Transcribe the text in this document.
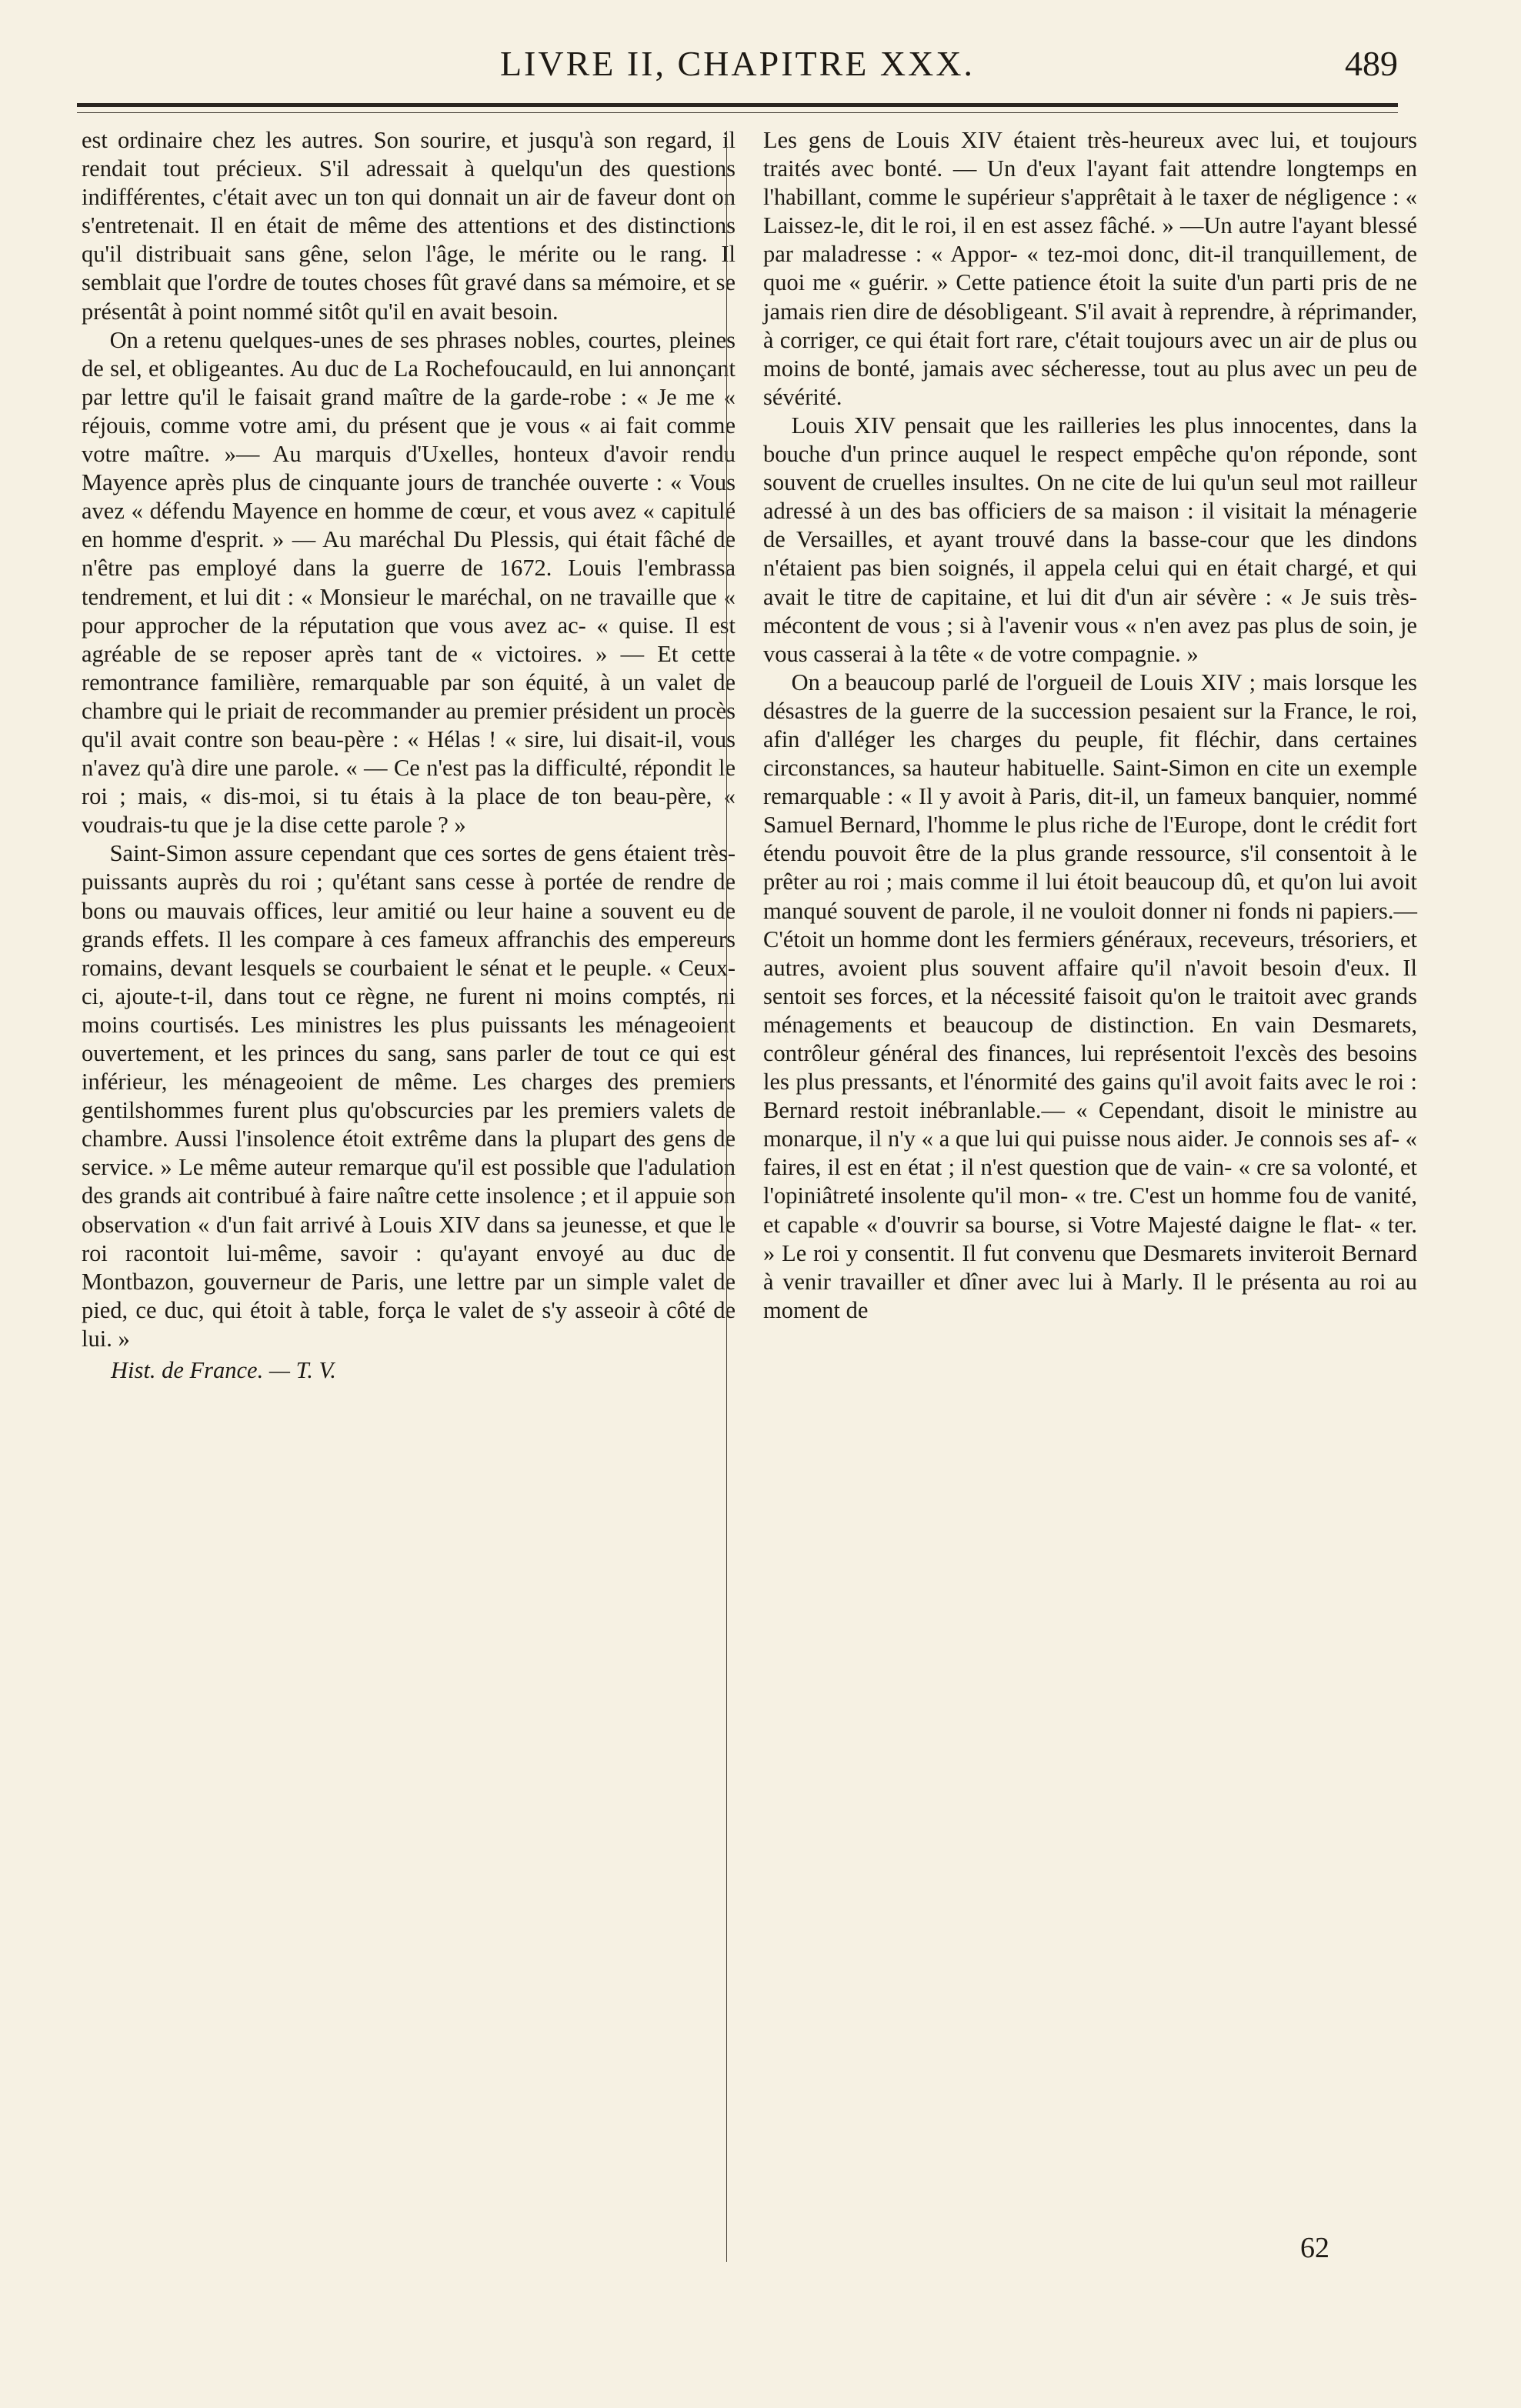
LIVRE II, CHAPITRE XXX.	489

est ordinaire chez les autres. Son sourire, et jusqu'à son regard, il rendait tout précieux. S'il adressait à quelqu'un des questions indifférentes, c'était avec un ton qui donnait un air de faveur dont on s'entretenait. Il en était de même des attentions et des distinctions qu'il distribuait sans gêne, selon l'âge, le mérite ou le rang. Il semblait que l'ordre de toutes choses fût gravé dans sa mémoire, et se présentât à point nommé sitôt qu'il en avait besoin.

On a retenu quelques-unes de ses phrases nobles, courtes, pleines de sel, et obligeantes. Au duc de La Rochefoucauld, en lui annonçant par lettre qu'il le faisait grand maître de la garde-robe : « Je me « réjouis, comme votre ami, du présent que je vous « ai fait comme votre maître. »— Au marquis d'Uxelles, honteux d'avoir rendu Mayence après plus de cinquante jours de tranchée ouverte : « Vous avez « défendu Mayence en homme de cœur, et vous avez « capitulé en homme d'esprit. » — Au maréchal Du Plessis, qui était fâché de n'être pas employé dans la guerre de 1672. Louis l'embrassa tendrement, et lui dit : « Monsieur le maréchal, on ne travaille que « pour approcher de la réputation que vous avez ac- « quise. Il est agréable de se reposer après tant de « victoires. » — Et cette remontrance familière, remarquable par son équité, à un valet de chambre qui le priait de recommander au premier président un procès qu'il avait contre son beau-père : « Hélas ! « sire, lui disait-il, vous n'avez qu'à dire une parole. « — Ce n'est pas la difficulté, répondit le roi ; mais, « dis-moi, si tu étais à la place de ton beau-père, « voudrais-tu que je la dise cette parole ? »

Saint-Simon assure cependant que ces sortes de gens étaient très-puissants auprès du roi ; qu'étant sans cesse à portée de rendre de bons ou mauvais offices, leur amitié ou leur haine a souvent eu de grands effets. Il les compare à ces fameux affranchis des empereurs romains, devant lesquels se courbaient le sénat et le peuple. « Ceux-ci, ajoute-t-il, dans tout ce règne, ne furent ni moins comptés, ni moins courtisés. Les ministres les plus puissants les ménageoient ouvertement, et les princes du sang, sans parler de tout ce qui est inférieur, les ménageoient de même. Les charges des premiers gentilshommes furent plus qu'obscurcies par les premiers valets de chambre. Aussi l'insolence étoit extrême dans la plupart des gens de service. » Le même auteur remarque qu'il est possible que l'adulation des grands ait contribué à faire naître cette insolence ; et il appuie son observation « d'un fait arrivé à Louis XIV dans sa jeunesse, et que le roi racontoit lui-même, savoir : qu'ayant envoyé au duc de Montbazon, gouverneur de Paris, une lettre par un simple valet de pied, ce duc, qui étoit à table, força le valet de s'y asseoir à côté de lui. »

Hist. de France. — T. V.

Les gens de Louis XIV étaient très-heureux avec lui, et toujours traités avec bonté. — Un d'eux l'ayant fait attendre longtemps en l'habillant, comme le supérieur s'apprêtait à le taxer de négligence : « Laissez-le, dit le roi, il en est assez fâché. » —Un autre l'ayant blessé par maladresse : « Appor- « tez-moi donc, dit-il tranquillement, de quoi me « guérir. » Cette patience étoit la suite d'un parti pris de ne jamais rien dire de désobligeant. S'il avait à reprendre, à réprimander, à corriger, ce qui était fort rare, c'était toujours avec un air de plus ou moins de bonté, jamais avec sécheresse, tout au plus avec un peu de sévérité.

Louis XIV pensait que les railleries les plus innocentes, dans la bouche d'un prince auquel le respect empêche qu'on réponde, sont souvent de cruelles insultes. On ne cite de lui qu'un seul mot railleur adressé à un des bas officiers de sa maison : il visitait la ménagerie de Versailles, et ayant trouvé dans la basse-cour que les dindons n'étaient pas bien soignés, il appela celui qui en était chargé, et qui avait le titre de capitaine, et lui dit d'un air sévère : « Je suis très-mécontent de vous ; si à l'avenir vous « n'en avez pas plus de soin, je vous casserai à la tête « de votre compagnie. »

On a beaucoup parlé de l'orgueil de Louis XIV ; mais lorsque les désastres de la guerre de la succession pesaient sur la France, le roi, afin d'alléger les charges du peuple, fit fléchir, dans certaines circonstances, sa hauteur habituelle. Saint-Simon en cite un exemple remarquable : « Il y avoit à Paris, dit-il, un fameux banquier, nommé Samuel Bernard, l'homme le plus riche de l'Europe, dont le crédit fort étendu pouvoit être de la plus grande ressource, s'il consentoit à le prêter au roi ; mais comme il lui étoit beaucoup dû, et qu'on lui avoit manqué souvent de parole, il ne vouloit donner ni fonds ni papiers.—C'étoit un homme dont les fermiers généraux, receveurs, trésoriers, et autres, avoient plus souvent affaire qu'il n'avoit besoin d'eux. Il sentoit ses forces, et la nécessité faisoit qu'on le traitoit avec grands ménagements et beaucoup de distinction. En vain Desmarets, contrôleur général des finances, lui représentoit l'excès des besoins les plus pressants, et l'énormité des gains qu'il avoit faits avec le roi : Bernard restoit inébranlable.— « Cependant, disoit le ministre au monarque, il n'y « a que lui qui puisse nous aider. Je connois ses af- « faires, il est en état ; il n'est question que de vain- « cre sa volonté, et l'opiniâtreté insolente qu'il mon- « tre. C'est un homme fou de vanité, et capable « d'ouvrir sa bourse, si Votre Majesté daigne le flat- « ter. » Le roi y consentit. Il fut convenu que Desmarets inviteroit Bernard à venir travailler et dîner avec lui à Marly. Il le présenta au roi au moment de

62
